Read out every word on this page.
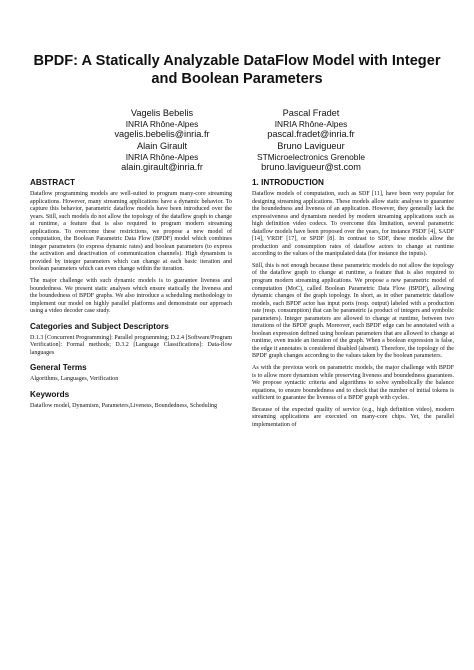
BPDF: A Statically Analyzable DataFlow Model with Integer and Boolean Parameters
Vagelis Bebelis
INRIA Rhône-Alpes
vagelis.bebelis@inria.fr
Pascal Fradet
INRIA Rhône-Alpes
pascal.fradet@inria.fr
Alain Girault
INRIA Rhône-Alpes
alain.girault@inria.fr
Bruno Lavigueur
STMicroelectronics Grenoble
bruno.lavigueur@st.com
ABSTRACT
Dataflow programming models are well-suited to program many-core streaming applications. However, many streaming applications have a dynamic behavior. To capture this behavior, parametric dataflow models have been introduced over the years. Still, such models do not allow the topology of the dataflow graph to change at runtime, a feature that is also required to program modern streaming applications. To overcome these restrictions, we propose a new model of computation, the Boolean Parametric Data Flow (BPDF) model which combines integer parameters (to express dynamic rates) and boolean parameters (to express the activation and deactivation of communication channels). High dynamism is provided by integer parameters which can change at each basic iteration and boolean parameters which can even change within the iteration.
The major challenge with such dynamic models is to guarantee liveness and boundedness. We present static analyses which ensure statically the liveness and the boundedness of BPDF graphs. We also introduce a scheduling methodology to implement our model on highly parallel platforms and demonstrate our approach using a video decoder case study.
Categories and Subject Descriptors
D.1.3 [Concurrent Programming]: Parallel programming; D.2.4 [Software/Program Verification]: Formal methods; D.3.2 [Language Classifications]: Data-flow languages
General Terms
Algorithms, Languages, Verification
Keywords
Dataflow model, Dynamism, Parameters,Liveness, Boundedness, Scheduling
1. INTRODUCTION
Dataflow models of computation, such as SDF [11], have been very popular for designing streaming applications. These models allow static analyses to guarantee the boundedness and liveness of an application. However, they generally lack the expressiveness and dynamism needed by modern streaming applications such as high definition video codecs. To overcome this limitation, several parametric dataflow models have been proposed over the years, for instance PSDF [4], SADF [14], VRDF [17], or SPDF [8]. In contrast to SDF, these models allow the production and consumption rates of dataflow actors to change at runtime according to the values of the manipulated data (for instance the inputs).
Still, this is not enough because these parametric models do not allow the topology of the dataflow graph to change at runtime, a feature that is also required to program modern streaming applications. We propose a new parametric model of computation (MoC), called Boolean Parametric Data Flow (BPDF), allowing dynamic changes of the graph topology. In short, as in other parametric dataflow models, each BPDF actor has input ports (resp. output) labeled with a production rate (resp. consumption) that can be parametric (a product of integers and symbolic parameters). Integer parameters are allowed to change at runtime, between two iterations of the BPDF graph. Moreover, each BPDF edge can be annotated with a boolean expression defined using boolean parameters that are allowed to change at runtime, even inside an iteration of the graph. When a boolean expression is false, the edge it annotates is considered disabled (absent). Therefore, the topology of the BPDF graph changes according to the values taken by the boolean parameters.
As with the previous work on parametric models, the major challenge with BPDF is to allow more dynamism while preserving liveness and boundedness guarantees. We propose syntactic criteria and algorithms to solve symbolically the balance equations, to ensure boundedness and to check that the number of initial tokens is sufficient to guarantee the liveness of a BPDF graph with cycles.
Because of the expected quality of service (e.g., high definition video), modern streaming applications are executed on many-core chips. Yet, the parallel implementation of
